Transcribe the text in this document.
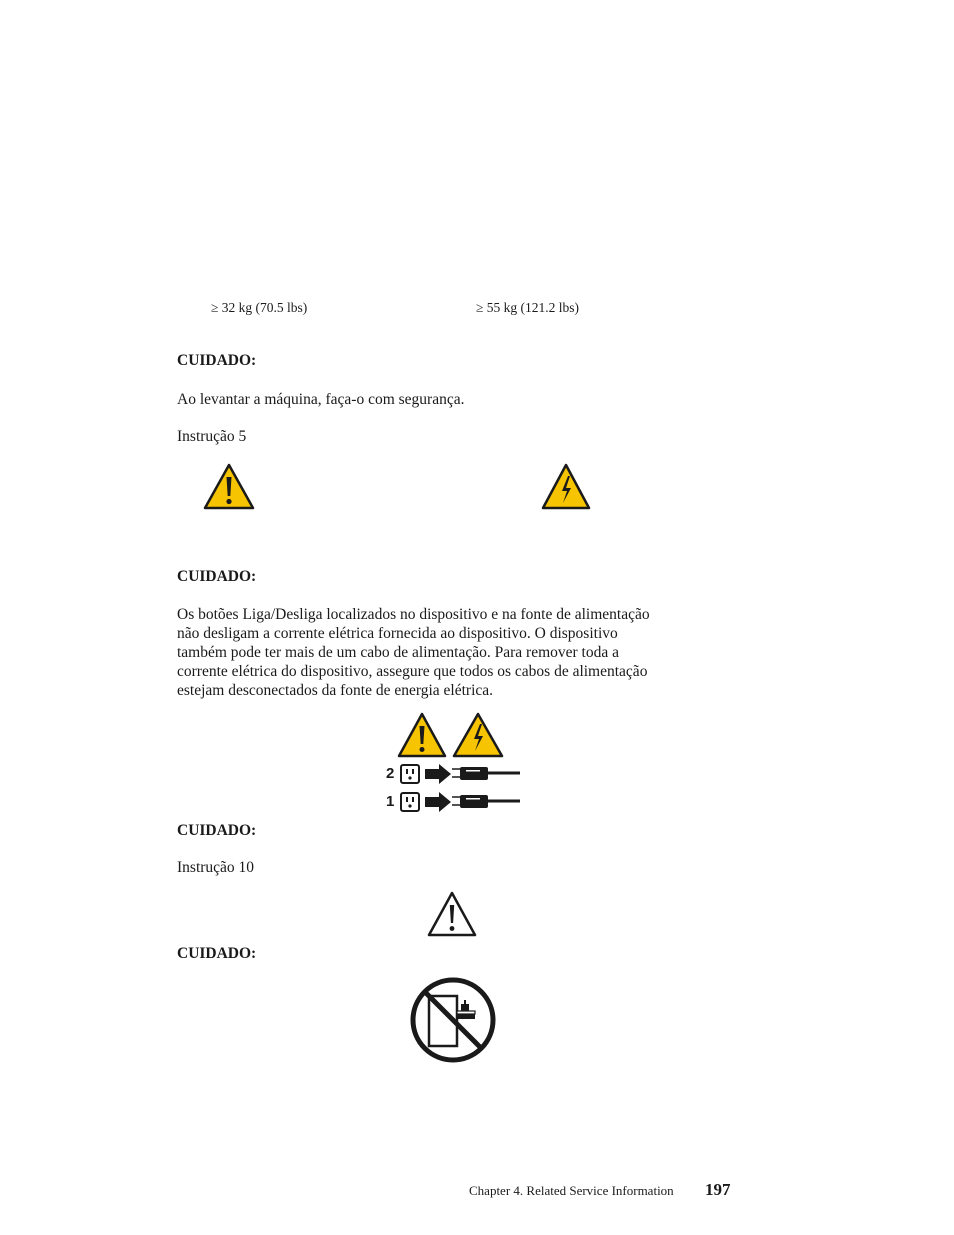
≥ 32 kg (70.5 lbs)	≥ 55 kg (121.2 lbs)
CUIDADO:
Ao levantar a máquina, faça-o com segurança.
Instrução 5
CUIDADO:
Os botões Liga/Desliga localizados no dispositivo e na fonte de alimentação
não desligam a corrente elétrica fornecida ao dispositivo. O dispositivo
também pode ter mais de um cabo de alimentação. Para remover toda a
corrente elétrica do dispositivo, assegure que todos os cabos de alimentação
estejam desconectados da fonte de energia elétrica.
2
1
CUIDADO:
Instrução 10
CUIDADO:
Chapter 4. Related Service Information 197
